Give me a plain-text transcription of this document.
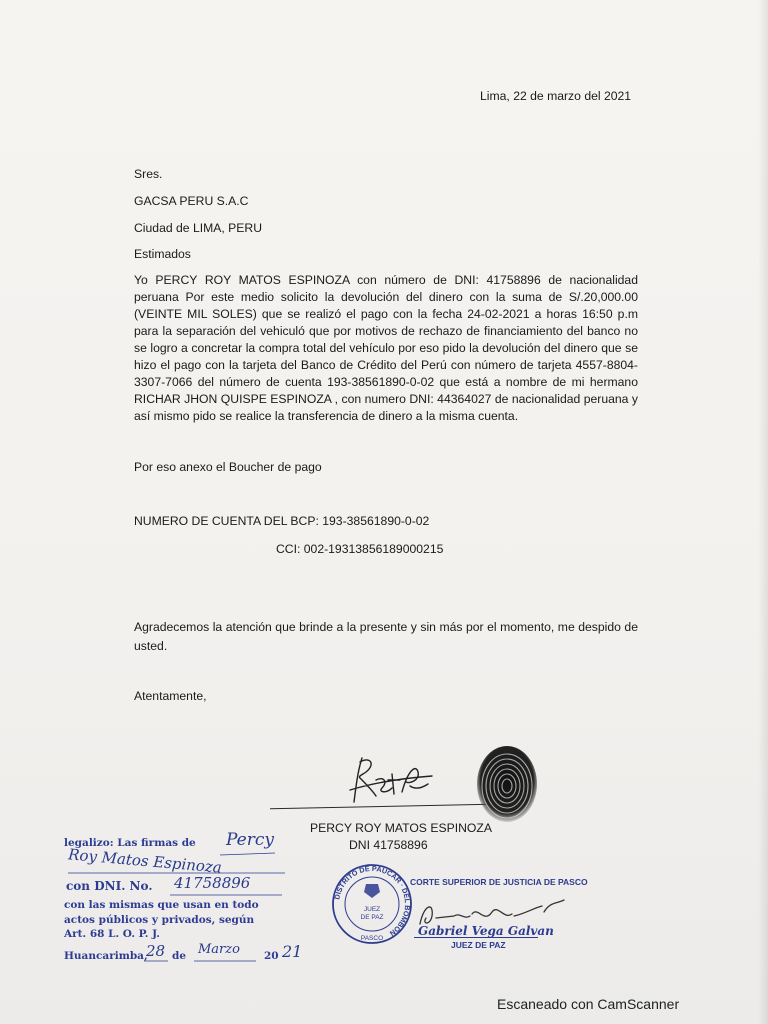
Lima, 22 de marzo del 2021
Sres.
GACSA PERU S.A.C
Ciudad de LIMA, PERU
Estimados
Yo PERCY ROY MATOS ESPINOZA con número de DNI: 41758896 de nacionalidad peruana Por este medio solicito la devolución del dinero con la suma de S/.20,000.00 (VEINTE MIL SOLES) que se realizó el pago con la fecha 24-02-2021 a horas 16:50 p.m para la separación del vehiculó que por motivos de rechazo de financiamiento del banco no se logro a concretar la compra total del vehículo por eso pido la devolución del dinero que se hizo el pago con la tarjeta del Banco de Crédito del Perú con número de tarjeta 4557-8804-3307-7066 del número de cuenta 193-38561890-0-02 que está a nombre de mi hermano RICHAR JHON QUISPE ESPINOZA , con numero DNI: 44364027 de nacionalidad peruana y así mismo pido se realice la transferencia de dinero a la misma cuenta.
Por eso anexo el Boucher de pago
NUMERO DE CUENTA DEL BCP: 193-38561890-0-02
CCI: 002-19313856189000215
Agradecemos la atención que brinde a la presente y sin más por el momento, me despido de usted.
Atentamente,
PERCY ROY MATOS ESPINOZA
DNI 41758896
legalizo: Las firmas de Percy
Roy Matos Espinoza
con DNI. No. 41758896
con las mismas que usan en todo
actos públicos y privados, según
Art. 68 L. O. P. J.
Huancarimba,
28 de Marzo 20 21
DISTRITO DE PAUCAR · DEL BOMBÓN
JUEZ
DE PAZ
PASCO
CORTE SUPERIOR DE JUSTICIA DE PASCO
Gabriel Vega Galvan
JUEZ DE PAZ
Escaneado con CamScanner
